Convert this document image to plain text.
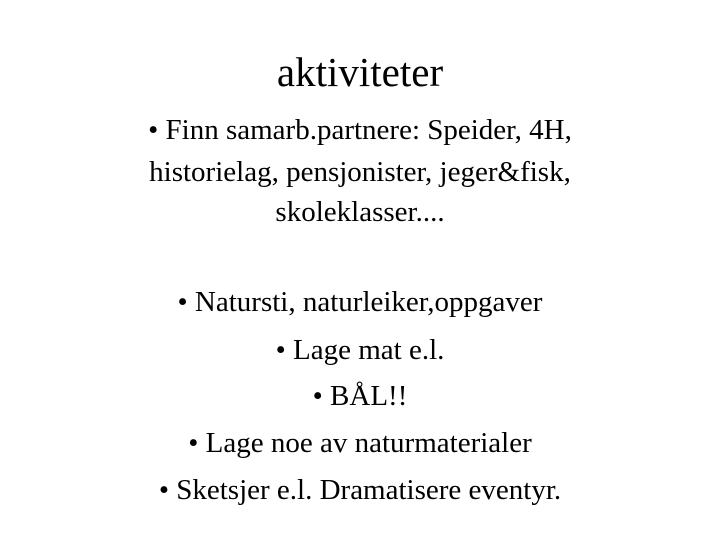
aktiviteter
• Finn samarb.partnere: Speider, 4H,
historielag, pensjonister, jeger&fisk,
skoleklasser....
• Natursti, naturleiker,oppgaver
• Lage mat e.l.
• BÅL!!
• Lage noe av naturmaterialer
• Sketsjer e.l. Dramatisere eventyr.
